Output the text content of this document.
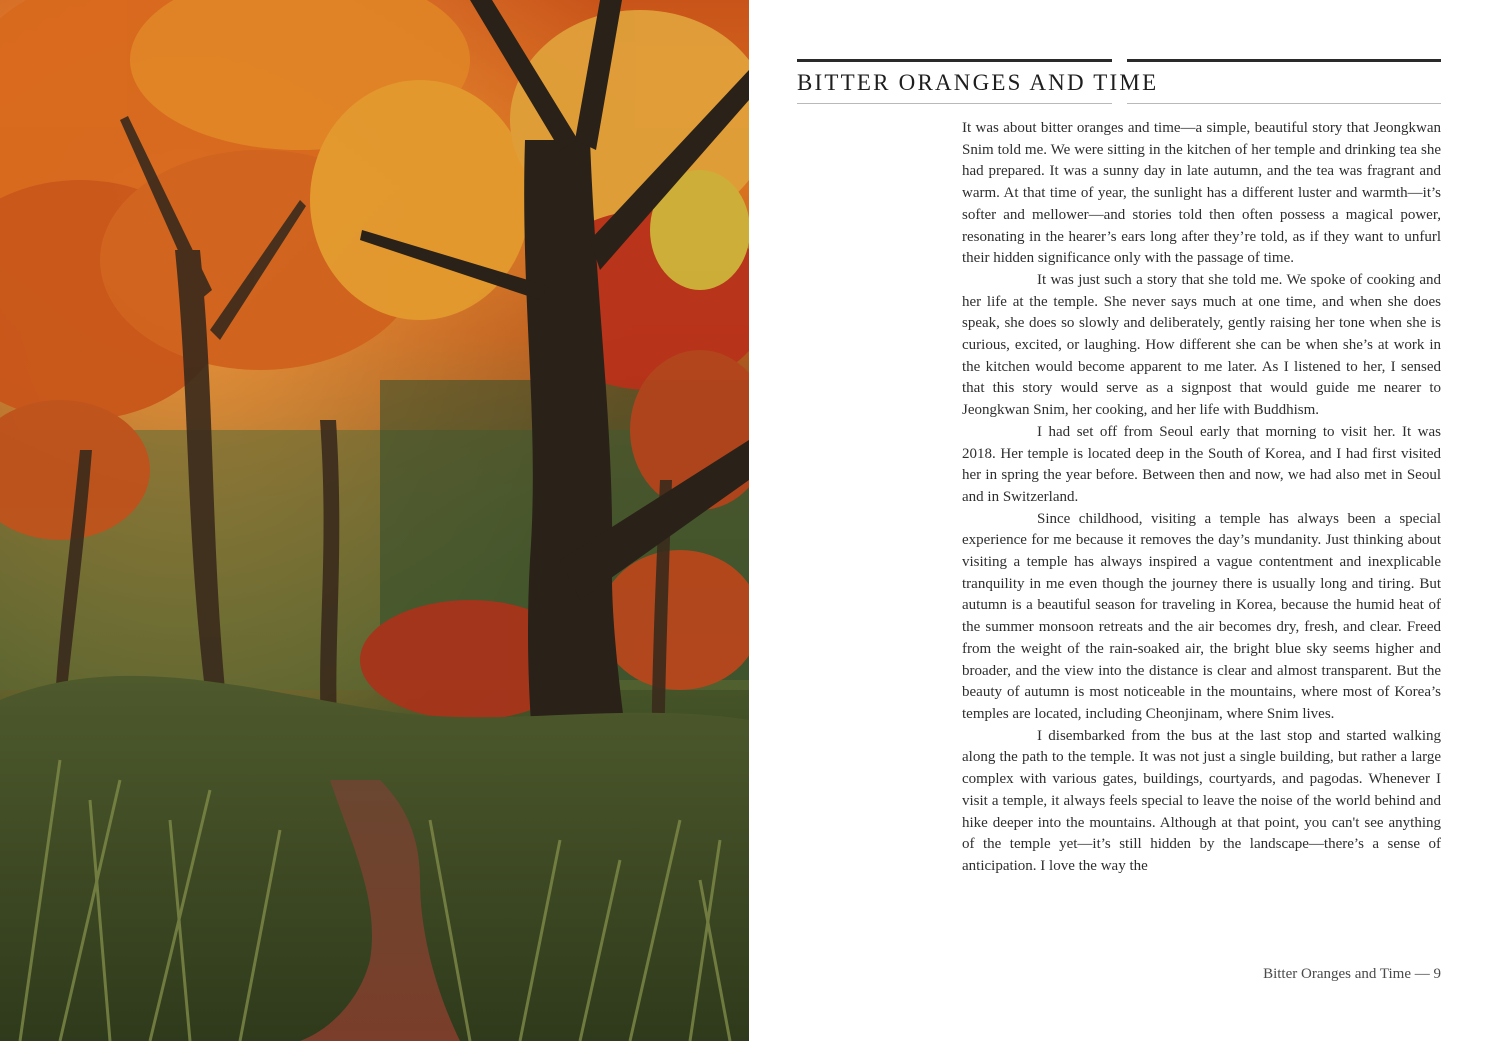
BITTER ORANGES AND TIME

It was about bitter oranges and time—a simple, beautiful story that Jeongkwan Snim told me. We were sitting in the kitchen of her temple and drinking tea she had prepared. It was a sunny day in late autumn, and the tea was fragrant and warm. At that time of year, the sunlight has a different luster and warmth—it’s softer and mellower—and stories told then often possess a magical power, resonating in the hearer’s ears long after they’re told, as if they want to unfurl their hidden significance only with the passage of time.

It was just such a story that she told me. We spoke of cooking and her life at the temple. She never says much at one time, and when she does speak, she does so slowly and deliberately, gently raising her tone when she is curious, excited, or laughing. How different she can be when she’s at work in the kitchen would become apparent to me later. As I listened to her, I sensed that this story would serve as a signpost that would guide me nearer to Jeongkwan Snim, her cooking, and her life with Buddhism.

I had set off from Seoul early that morning to visit her. It was 2018. Her temple is located deep in the South of Korea, and I had first visited her in spring the year before. Between then and now, we had also met in Seoul and in Switzerland.

Since childhood, visiting a temple has always been a special experience for me because it removes the day’s mundanity. Just thinking about visiting a temple has always inspired a vague contentment and inexplicable tranquility in me even though the journey there is usually long and tiring. But autumn is a beautiful season for traveling in Korea, because the humid heat of the summer monsoon retreats and the air becomes dry, fresh, and clear. Freed from the weight of the rain-soaked air, the bright blue sky seems higher and broader, and the view into the distance is clear and almost transparent. But the beauty of autumn is most noticeable in the mountains, where most of Korea’s temples are located, including Cheonjinam, where Snim lives.

I disembarked from the bus at the last stop and started walking along the path to the temple. It was not just a single building, but rather a large complex with various gates, buildings, courtyards, and pagodas. Whenever I visit a temple, it always feels special to leave the noise of the world behind and hike deeper into the mountains. Although at that point, you can't see anything of the temple yet—it’s still hidden by the landscape—there’s a sense of anticipation. I love the way the

Bitter Oranges and Time — 9
